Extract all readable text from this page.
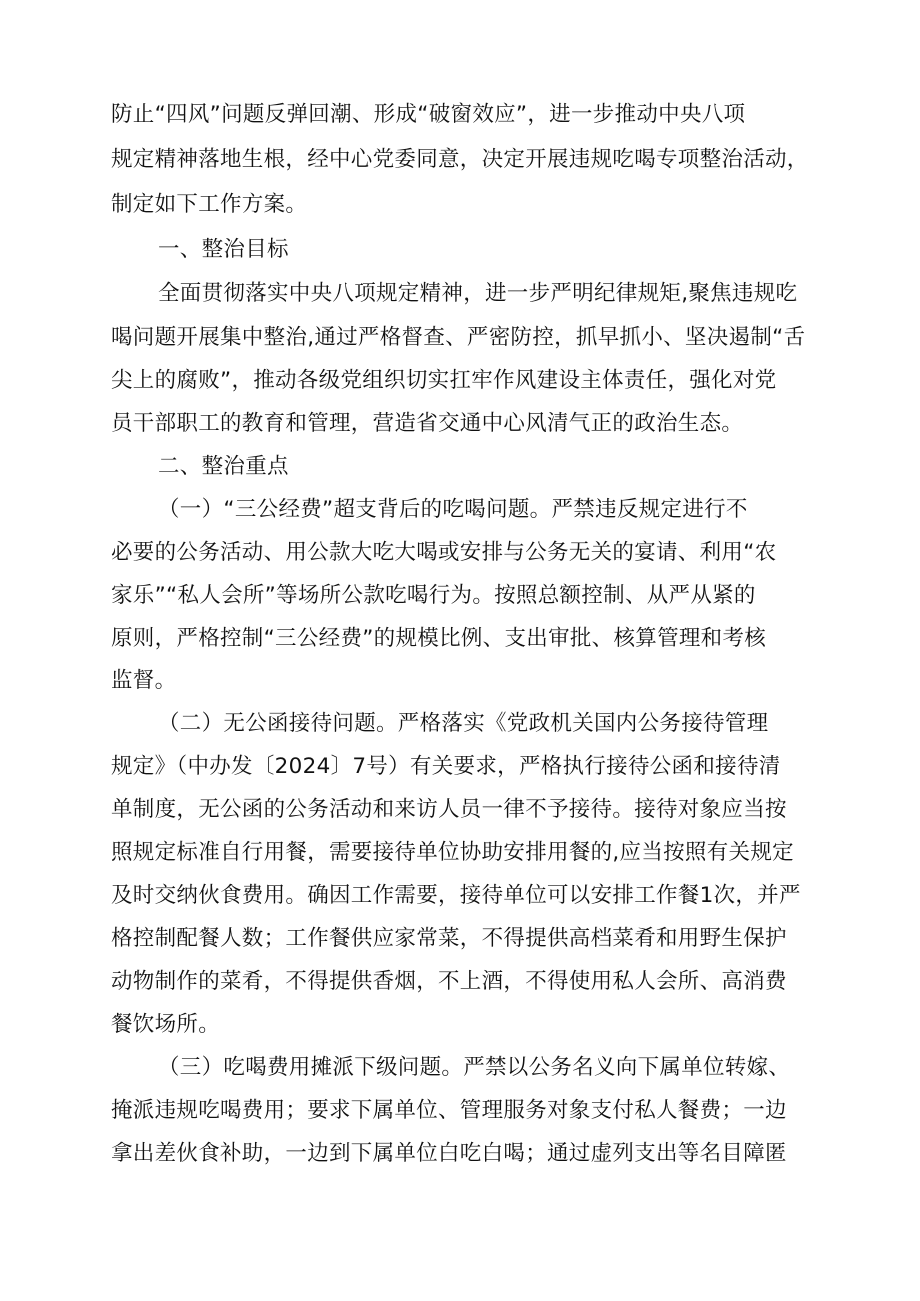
防止“四风”问题反弹回潮、形成“破窗效应”，进一步推动中央八项
规定精神落地生根，经中心党委同意，决定开展违规吃喝专项整治活动，
制定如下工作方案。
一、整治目标
全面贯彻落实中央八项规定精神，进一步严明纪律规矩,聚焦违规吃
喝问题开展集中整治,通过严格督查、严密防控，抓早抓小、坚决遏制“舌
尖上的腐败”，推动各级党组织切实扛牢作风建设主体责任，强化对党
员干部职工的教育和管理，营造省交通中心风清气正的政治生态。
二、整治重点
（一）“三公经费”超支背后的吃喝问题。严禁违反规定进行不
必要的公务活动、用公款大吃大喝或安排与公务无关的宴请、利用“农
家乐”“私人会所”等场所公款吃喝行为。按照总额控制、从严从紧的
原则，严格控制“三公经费”的规模比例、支出审批、核算管理和考核
监督。
（二）无公函接待问题。严格落实《党政机关国内公务接待管理
规定》（中办发〔2024〕7号）有关要求，严格执行接待公函和接待清
单制度，无公函的公务活动和来访人员一律不予接待。接待对象应当按
照规定标准自行用餐，需要接待单位协助安排用餐的,应当按照有关规定
及时交纳伙食费用。确因工作需要，接待单位可以安排工作餐1次，并严
格控制配餐人数；工作餐供应家常菜，不得提供高档菜肴和用野生保护
动物制作的菜肴，不得提供香烟，不上酒，不得使用私人会所、高消费
餐饮场所。
（三）吃喝费用摊派下级问题。严禁以公务名义向下属单位转嫁、
掩派违规吃喝费用；要求下属单位、管理服务对象支付私人餐费；一边
拿出差伙食补助，一边到下属单位白吃白喝；通过虚列支出等名目障匿
